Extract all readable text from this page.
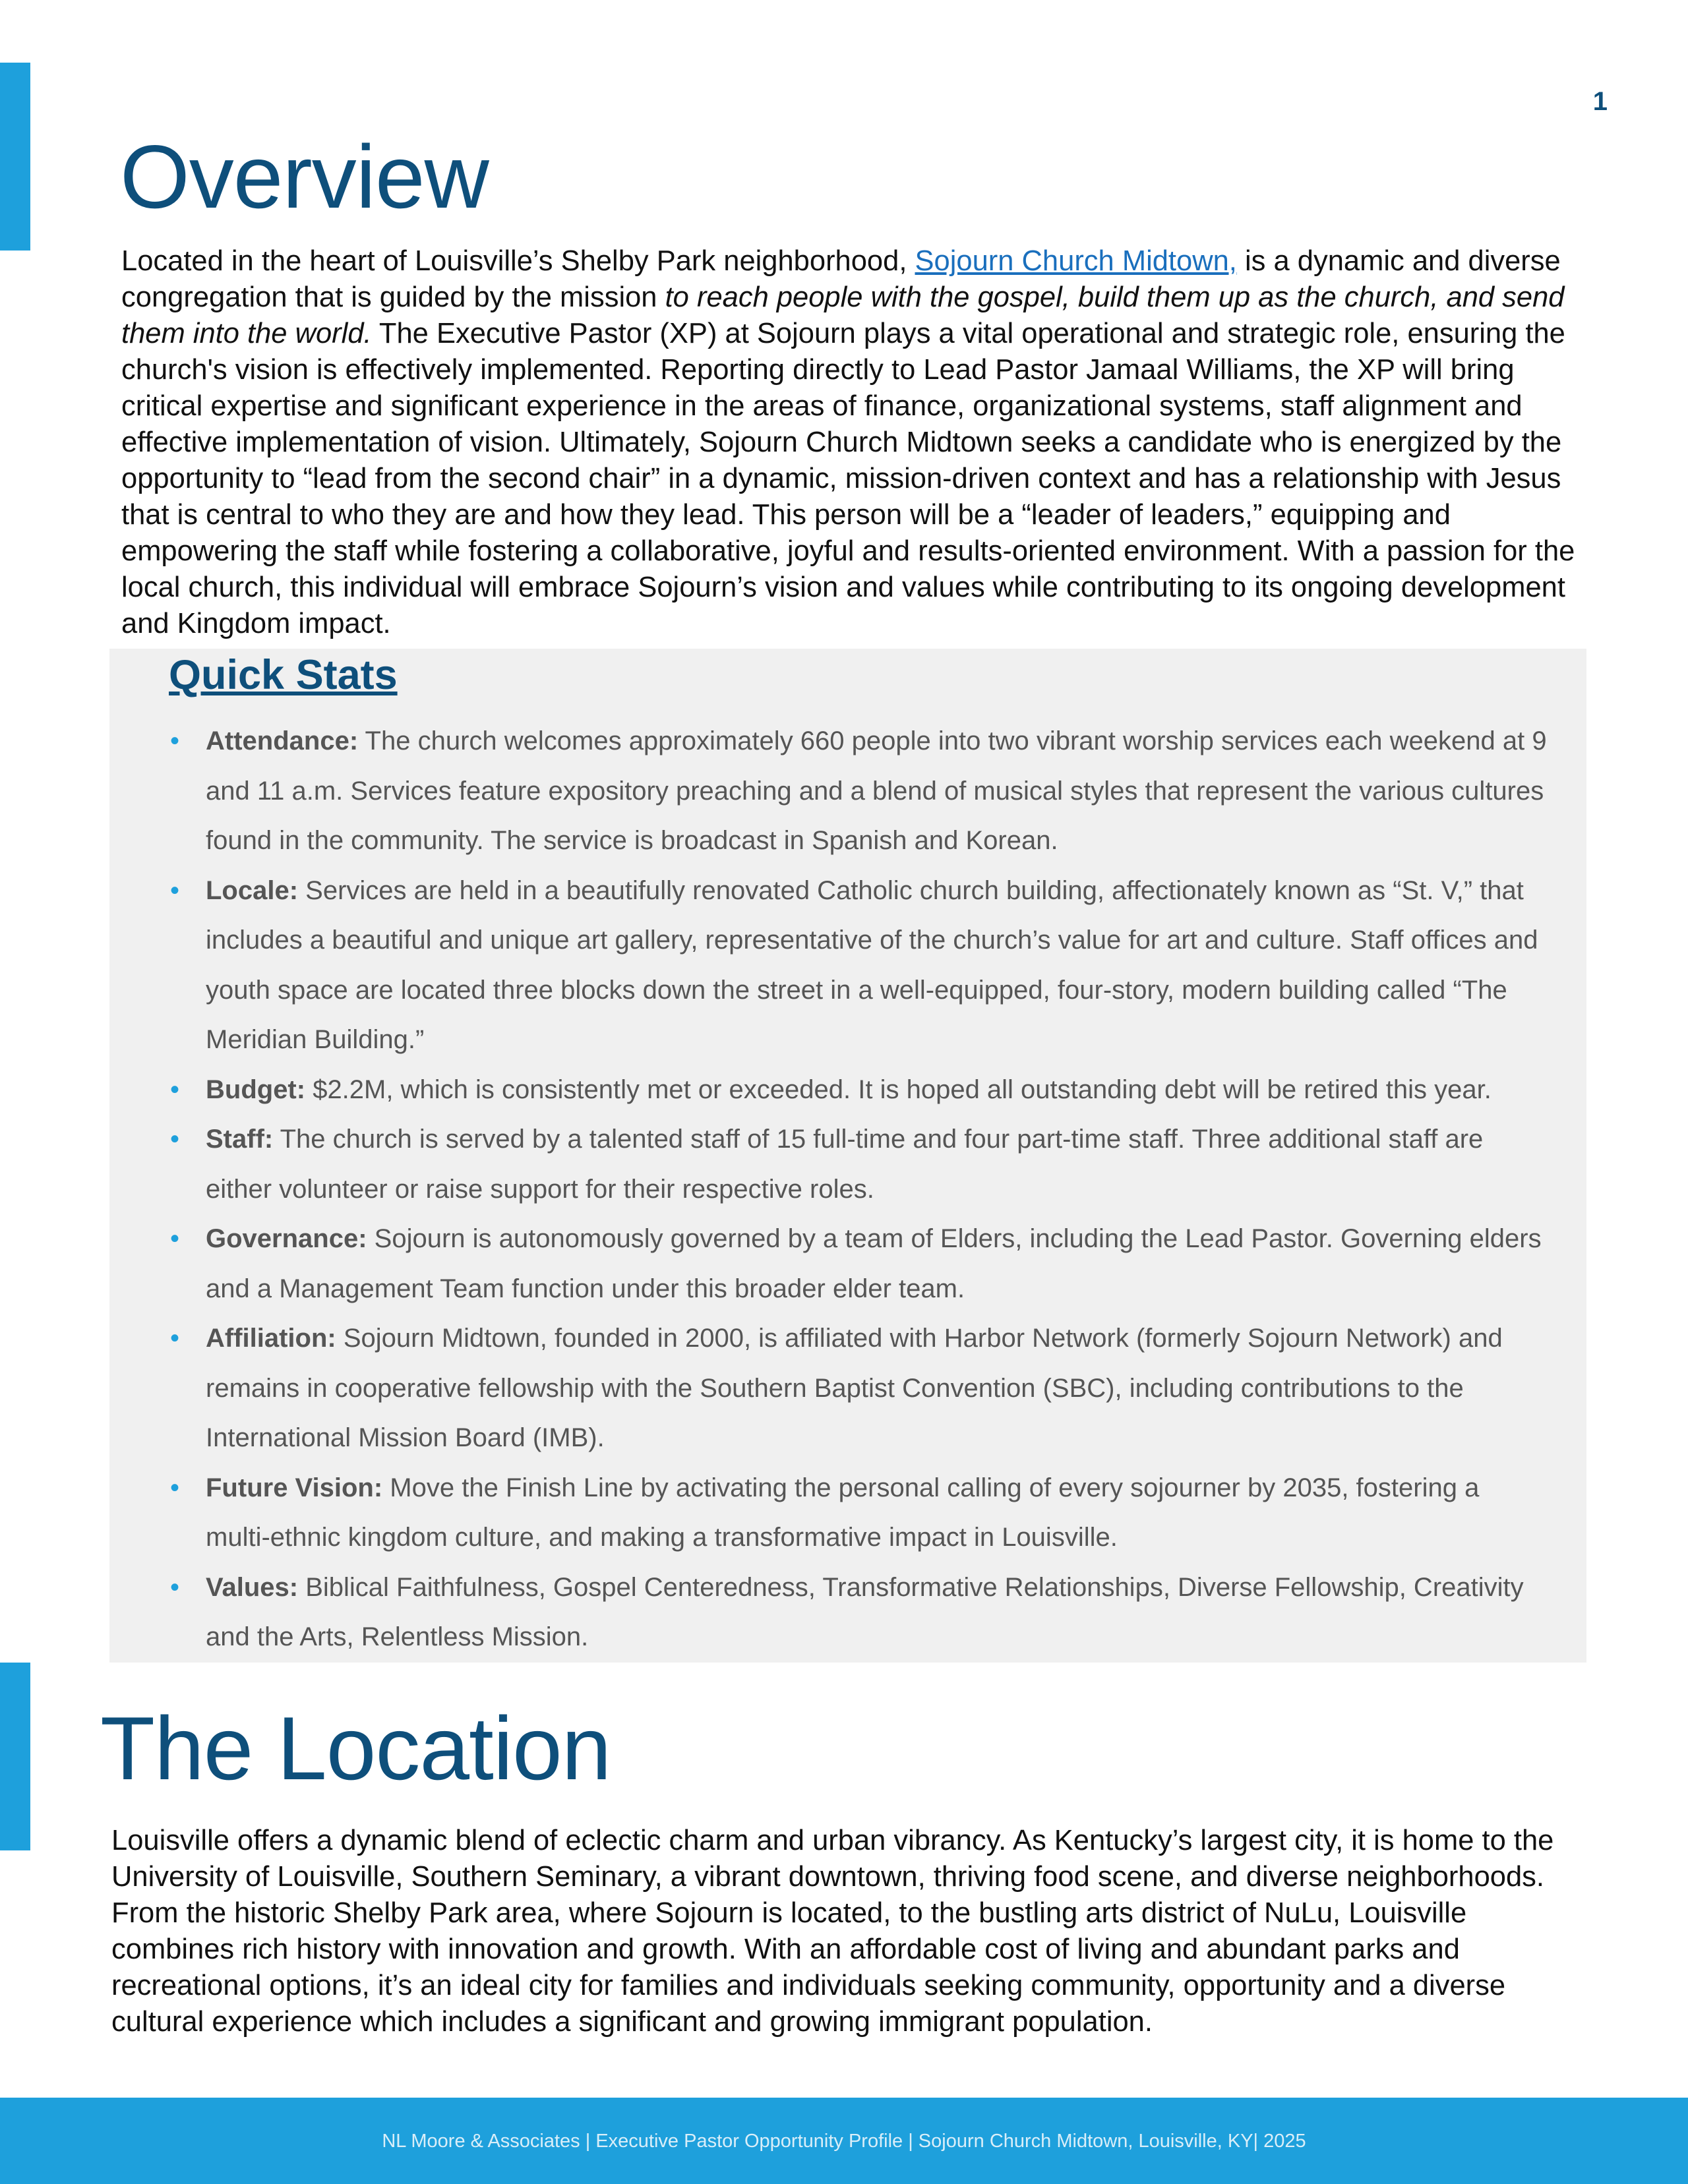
1
Overview

Located in the heart of Louisville’s Shelby Park neighborhood, Sojourn Church Midtown, is a dynamic and diverse congregation that is guided by the mission to reach people with the gospel, build them up as the church, and send them into the world. The Executive Pastor (XP) at Sojourn plays a vital operational and strategic role, ensuring the church's vision is effectively implemented. Reporting directly to Lead Pastor Jamaal Williams, the XP will bring critical expertise and significant experience in the areas of finance, organizational systems, staff alignment and effective implementation of vision. Ultimately, Sojourn Church Midtown seeks a candidate who is energized by the opportunity to “lead from the second chair” in a dynamic, mission-driven context and has a relationship with Jesus that is central to who they are and how they lead. This person will be a “leader of leaders,” equipping and empowering the staff while fostering a collaborative, joyful and results-oriented environment. With a passion for the local church, this individual will embrace Sojourn’s vision and values while contributing to its ongoing development and Kingdom impact.

Quick Stats
• Attendance: The church welcomes approximately 660 people into two vibrant worship services each weekend at 9 and 11 a.m. Services feature expository preaching and a blend of musical styles that represent the various cultures found in the community. The service is broadcast in Spanish and Korean.
• Locale: Services are held in a beautifully renovated Catholic church building, affectionately known as “St. V,” that includes a beautiful and unique art gallery, representative of the church’s value for art and culture. Staff offices and youth space are located three blocks down the street in a well-equipped, four-story, modern building called “The Meridian Building.”
• Budget: $2.2M, which is consistently met or exceeded. It is hoped all outstanding debt will be retired this year.
• Staff: The church is served by a talented staff of 15 full-time and four part-time staff. Three additional staff are either volunteer or raise support for their respective roles.
• Governance: Sojourn is autonomously governed by a team of Elders, including the Lead Pastor. Governing elders and a Management Team function under this broader elder team.
• Affiliation: Sojourn Midtown, founded in 2000, is affiliated with Harbor Network (formerly Sojourn Network) and remains in cooperative fellowship with the Southern Baptist Convention (SBC), including contributions to the International Mission Board (IMB).
• Future Vision: Move the Finish Line by activating the personal calling of every sojourner by 2035, fostering a multi-ethnic kingdom culture, and making a transformative impact in Louisville.
• Values: Biblical Faithfulness, Gospel Centeredness, Transformative Relationships, Diverse Fellowship, Creativity and the Arts, Relentless Mission.
The Location

Louisville offers a dynamic blend of eclectic charm and urban vibrancy. As Kentucky’s largest city, it is home to the University of Louisville, Southern Seminary, a vibrant downtown, thriving food scene, and diverse neighborhoods. From the historic Shelby Park area, where Sojourn is located, to the bustling arts district of NuLu, Louisville combines rich history with innovation and growth. With an affordable cost of living and abundant parks and recreational options, it’s an ideal city for families and individuals seeking community, opportunity and a diverse cultural experience which includes a significant and growing immigrant population.

NL Moore & Associates | Executive Pastor Opportunity Profile | Sojourn Church Midtown, Louisville, KY| 2025
